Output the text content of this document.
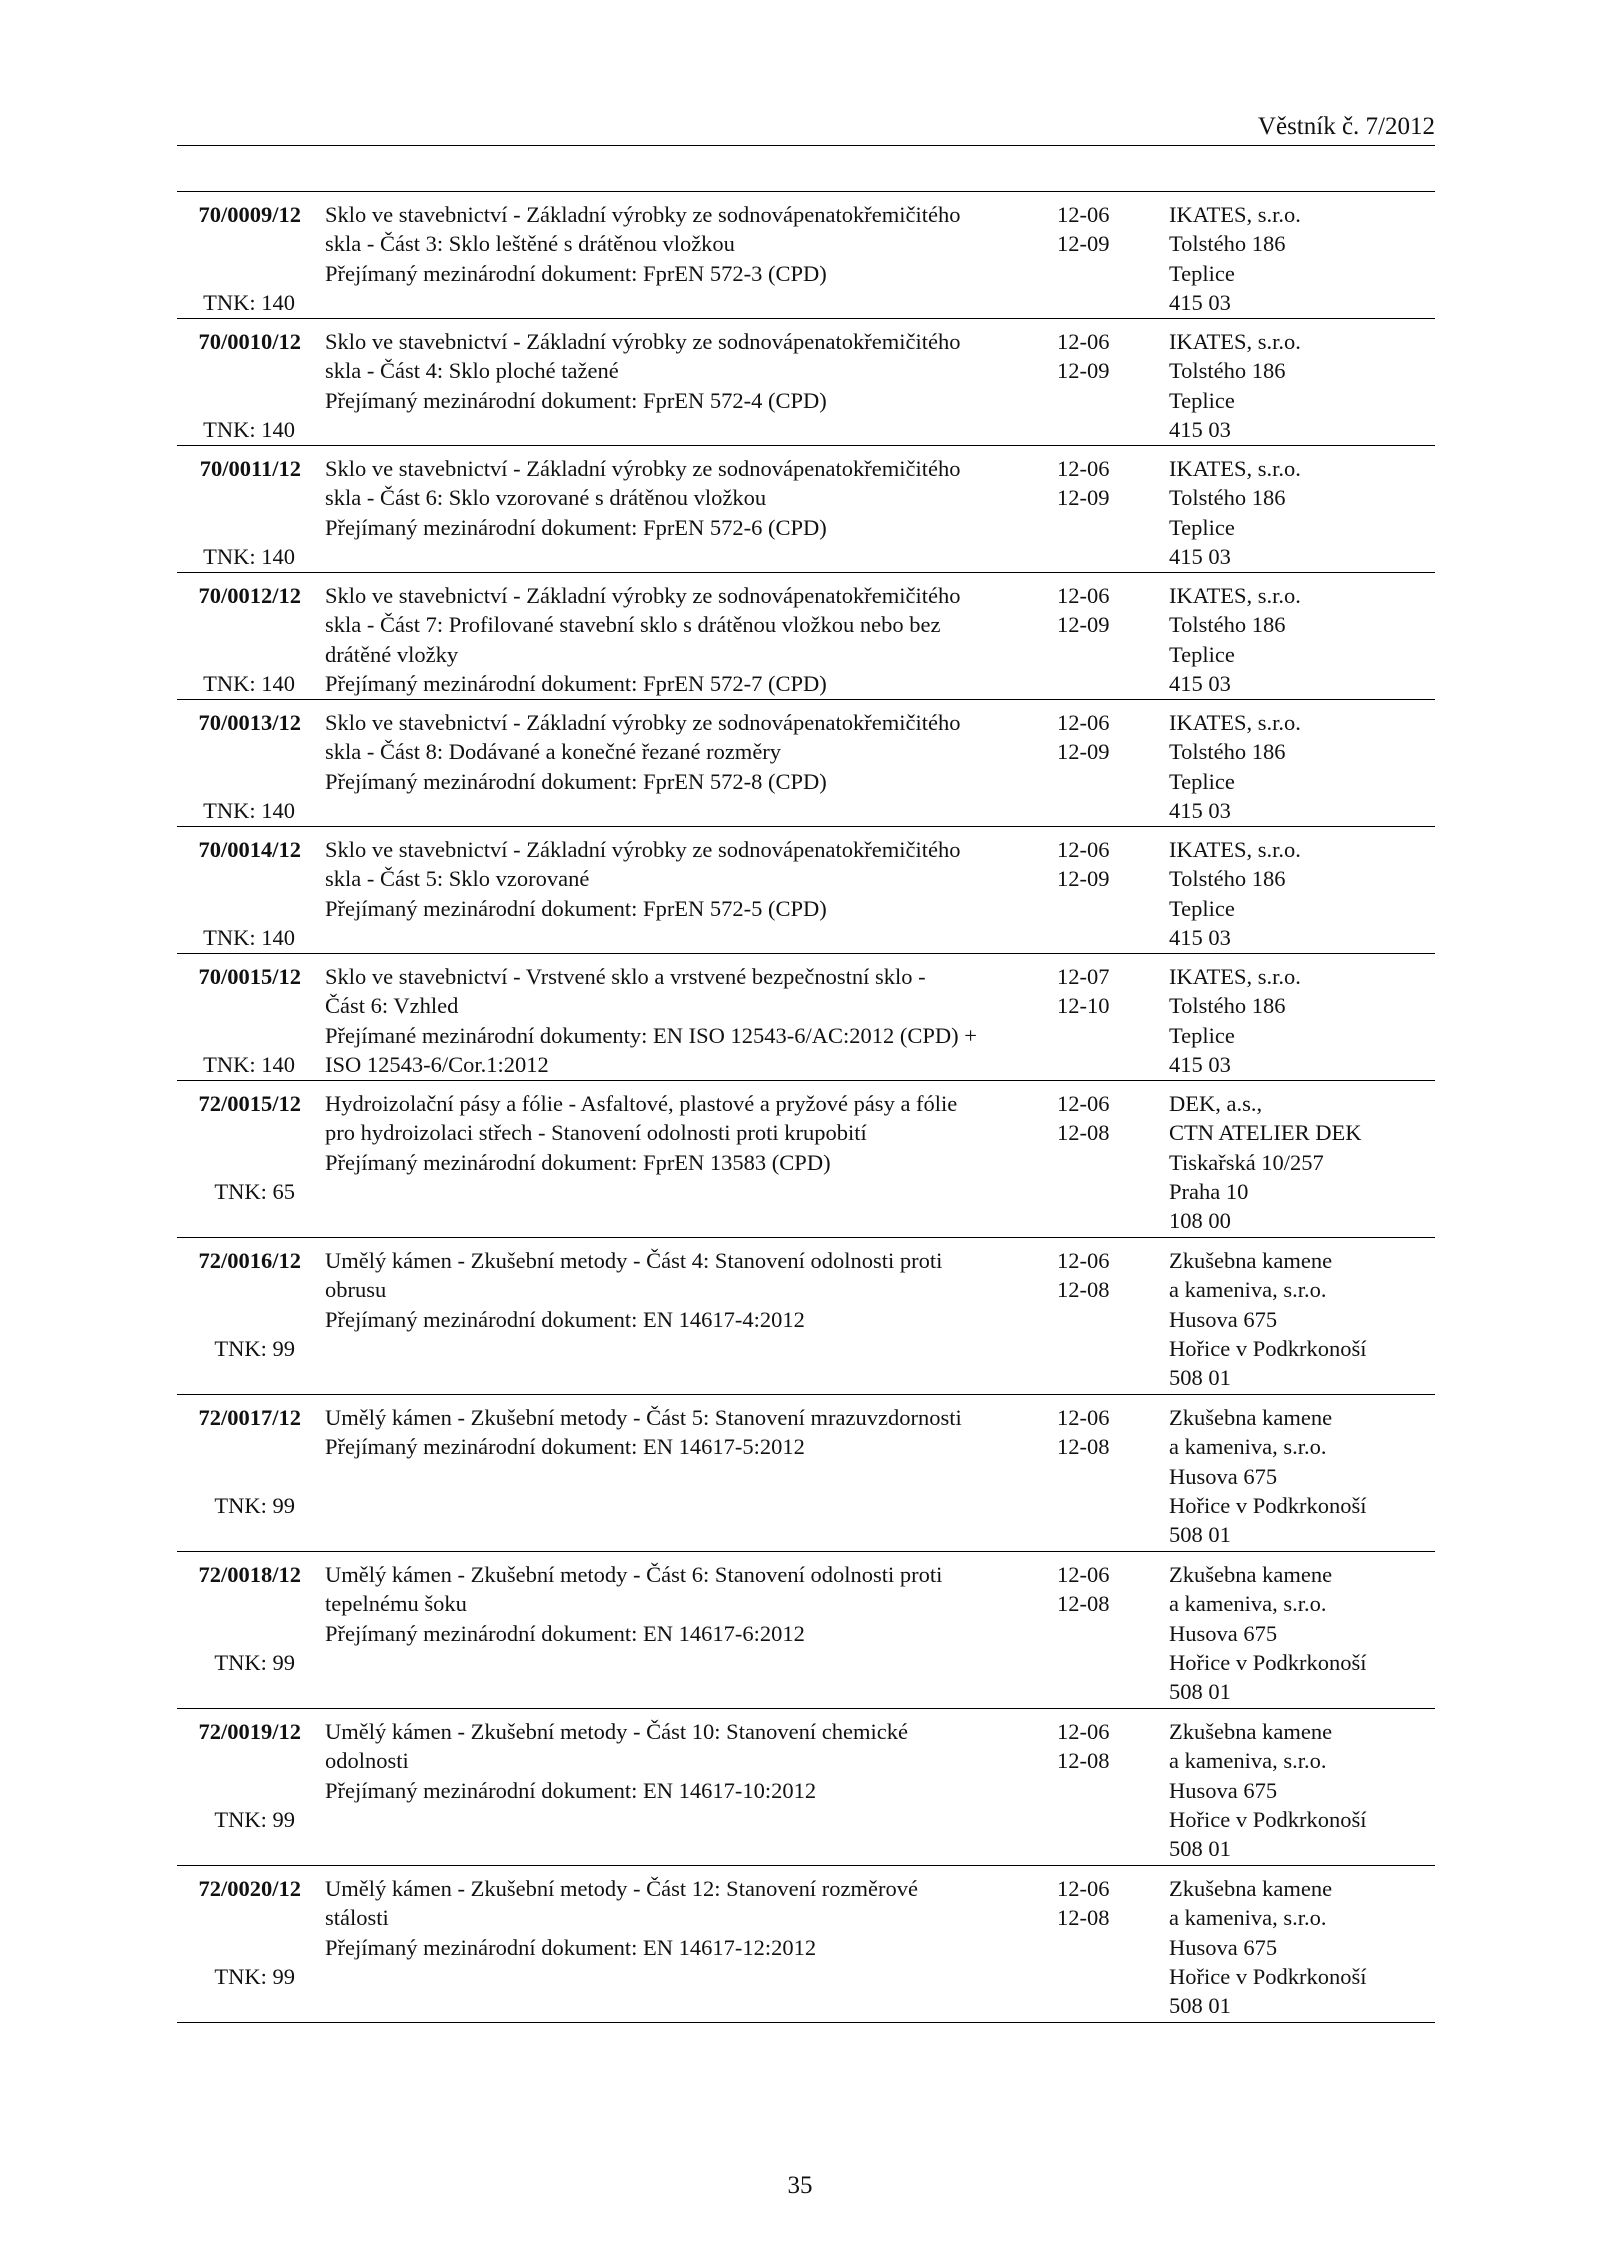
Věstník č. 7/2012
70/0009/12
TNK: 140
Sklo ve stavebnictví - Základní výrobky ze sodnovápenatokřemičitého
skla - Část 3: Sklo leštěné s drátěnou vložkou
Přejímaný mezinárodní dokument: FprEN 572-3 (CPD)
12-06
12-09
IKATES, s.r.o.
Tolstého 186
Teplice
415 03
70/0010/12
TNK: 140
Sklo ve stavebnictví - Základní výrobky ze sodnovápenatokřemičitého
skla - Část 4: Sklo ploché tažené
Přejímaný mezinárodní dokument: FprEN 572-4 (CPD)
12-06
12-09
IKATES, s.r.o.
Tolstého 186
Teplice
415 03
70/0011/12
TNK: 140
Sklo ve stavebnictví - Základní výrobky ze sodnovápenatokřemičitého
skla - Část 6: Sklo vzorované s drátěnou vložkou
Přejímaný mezinárodní dokument: FprEN 572-6 (CPD)
12-06
12-09
IKATES, s.r.o.
Tolstého 186
Teplice
415 03
70/0012/12
TNK: 140
Sklo ve stavebnictví - Základní výrobky ze sodnovápenatokřemičitého
skla - Část 7: Profilované stavební sklo s drátěnou vložkou nebo bez
drátěné vložky
Přejímaný mezinárodní dokument: FprEN 572-7 (CPD)
12-06
12-09
IKATES, s.r.o.
Tolstého 186
Teplice
415 03
70/0013/12
TNK: 140
Sklo ve stavebnictví - Základní výrobky ze sodnovápenatokřemičitého
skla - Část 8: Dodávané a konečné řezané rozměry
Přejímaný mezinárodní dokument: FprEN 572-8 (CPD)
12-06
12-09
IKATES, s.r.o.
Tolstého 186
Teplice
415 03
70/0014/12
TNK: 140
Sklo ve stavebnictví - Základní výrobky ze sodnovápenatokřemičitého
skla - Část 5: Sklo vzorované
Přejímaný mezinárodní dokument: FprEN 572-5 (CPD)
12-06
12-09
IKATES, s.r.o.
Tolstého 186
Teplice
415 03
70/0015/12
TNK: 140
Sklo ve stavebnictví - Vrstvené sklo a vrstvené bezpečnostní sklo -
Část 6: Vzhled
Přejímané mezinárodní dokumenty: EN ISO 12543-6/AC:2012 (CPD) +
ISO 12543-6/Cor.1:2012
12-07
12-10
IKATES, s.r.o.
Tolstého 186
Teplice
415 03
72/0015/12
TNK: 65
Hydroizolační pásy a fólie - Asfaltové, plastové a pryžové pásy a fólie
pro hydroizolaci střech - Stanovení odolnosti proti krupobití
Přejímaný mezinárodní dokument: FprEN 13583 (CPD)
12-06
12-08
DEK, a.s.,
CTN ATELIER DEK
Tiskařská 10/257
Praha 10
108 00
72/0016/12
TNK: 99
Umělý kámen - Zkušební metody - Část 4: Stanovení odolnosti proti
obrusu
Přejímaný mezinárodní dokument: EN 14617-4:2012
12-06
12-08
Zkušebna kamene
a kameniva, s.r.o.
Husova 675
Hořice v Podkrkonoší
508 01
72/0017/12
TNK: 99
Umělý kámen - Zkušební metody - Část 5: Stanovení mrazuvzdornosti
Přejímaný mezinárodní dokument: EN 14617-5:2012
12-06
12-08
Zkušebna kamene
a kameniva, s.r.o.
Husova 675
Hořice v Podkrkonoší
508 01
72/0018/12
TNK: 99
Umělý kámen - Zkušební metody - Část 6: Stanovení odolnosti proti
tepelnému šoku
Přejímaný mezinárodní dokument: EN 14617-6:2012
12-06
12-08
Zkušebna kamene
a kameniva, s.r.o.
Husova 675
Hořice v Podkrkonoší
508 01
72/0019/12
TNK: 99
Umělý kámen - Zkušební metody - Část 10: Stanovení chemické
odolnosti
Přejímaný mezinárodní dokument: EN 14617-10:2012
12-06
12-08
Zkušebna kamene
a kameniva, s.r.o.
Husova 675
Hořice v Podkrkonoší
508 01
72/0020/12
TNK: 99
Umělý kámen - Zkušební metody - Část 12: Stanovení rozměrové
stálosti
Přejímaný mezinárodní dokument: EN 14617-12:2012
12-06
12-08
Zkušebna kamene
a kameniva, s.r.o.
Husova 675
Hořice v Podkrkonoší
508 01
35
